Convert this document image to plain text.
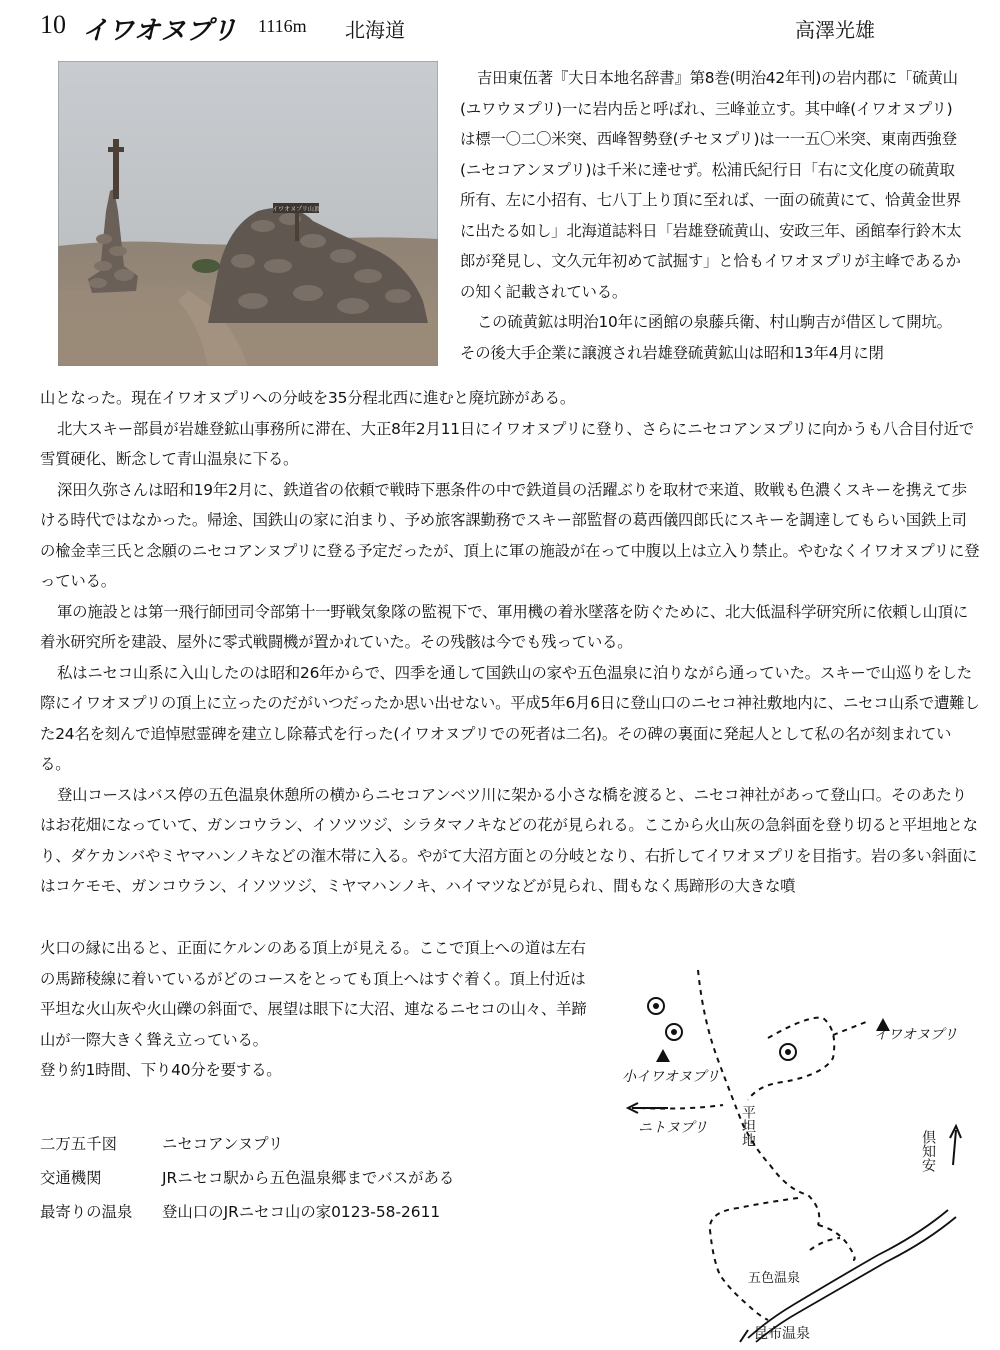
10 イワオヌプリ 1116m 北海道	高澤光雄
イワオヌプリ山頂

吉田東伍著『大日本地名辞書』第8巻(明治42年刊)の岩内郡に「硫黄山(ユワウヌプリ)一に岩内岳と呼ばれ、三峰並立す。其中峰(イワオヌプリ)は標一〇二〇米突、西峰智勢登(チセヌプリ)は一一五〇米突、東南西強登(ニセコアンヌプリ)は千米に達せず。松浦氏紀行日「右に文化度の硫黄取所有、左に小招有、七八丁上り頂に至れば、一面の硫黄にて、恰黄金世界に出たる如し」北海道誌料日「岩雄登硫黄山、安政三年、函館奉行鈴木太郎が発見し、文久元年初めて試掘す」と恰もイワオヌプリが主峰であるかの知く記載されている。

この硫黄鉱は明治10年に函館の泉藤兵衛、村山駒吉が借区して開坑。その後大手企業に譲渡され岩雄登硫黄鉱山は昭和13年4月に閉

山となった。現在イワオヌプリへの分岐を35分程北西に進むと廃坑跡がある。

北大スキー部員が岩雄登鉱山事務所に滞在、大正8年2月11日にイワオヌプリに登り、さらにニセコアンヌプリに向かうも八合目付近で雪質硬化、断念して青山温泉に下る。

深田久弥さんは昭和19年2月に、鉄道省の依頼で戦時下悪条件の中で鉄道員の活躍ぶりを取材で来道、敗戦も色濃くスキーを携えて歩ける時代ではなかった。帰途、国鉄山の家に泊まり、予め旅客課勤務でスキー部監督の葛西儀四郎氏にスキーを調達してもらい国鉄上司の楡金幸三氏と念願のニセコアンヌプリに登る予定だったが、頂上に軍の施設が在って中腹以上は立入り禁止。やむなくイワオヌプリに登っている。

軍の施設とは第一飛行師団司令部第十一野戦気象隊の監視下で、軍用機の着氷墜落を防ぐために、北大低温科学研究所に依頼し山頂に着氷研究所を建設、屋外に零式戦闘機が置かれていた。その残骸は今でも残っている。

私はニセコ山系に入山したのは昭和26年からで、四季を通して国鉄山の家や五色温泉に泊りながら通っていた。スキーで山巡りをした際にイワオヌプリの頂上に立ったのだがいつだったか思い出せない。平成5年6月6日に登山口のニセコ神社敷地内に、ニセコ山系で遭難した24名を刻んで追悼慰霊碑を建立し除幕式を行った(イワオヌプリでの死者は二名)。その碑の裏面に発起人として私の名が刻まれている。

登山コースはバス停の五色温泉休憩所の横からニセコアンベツ川に架かる小さな橋を渡ると、ニセコ神社があって登山口。そのあたりはお花畑になっていて、ガンコウラン、イソツツジ、シラタマノキなどの花が見られる。ここから火山灰の急斜面を登り切ると平坦地となり、ダケカンバやミヤマハンノキなどの潅木帯に入る。やがて大沼方面との分岐となり、右折してイワオヌプリを目指す。岩の多い斜面にはコケモモ、ガンコウラン、イソツツジ、ミヤマハンノキ、ハイマツなどが見られ、間もなく馬蹄形の大きな噴

火口の縁に出ると、正面にケルンのある頂上が見える。ここで頂上への道は左右の馬蹄稜線に着いているがどのコースをとっても頂上へはすぐ着く。頂上付近は平坦な火山灰や火山礫の斜面で、展望は眼下に大沼、連なるニセコの山々、羊蹄山が一際大きく聳え立っている。

登り約1時間、下り40分を要する。

二万五千図	ニセコアンヌプリ
交通機関	JRニセコ駅から五色温泉郷までバスがある
最寄りの温泉 登山口のJRニセコ山の家0123-58-2611
イワオヌプリ
小イワオヌプリ
ニトヌプリ 平坦地
倶知安
五色温泉
昆布温泉
